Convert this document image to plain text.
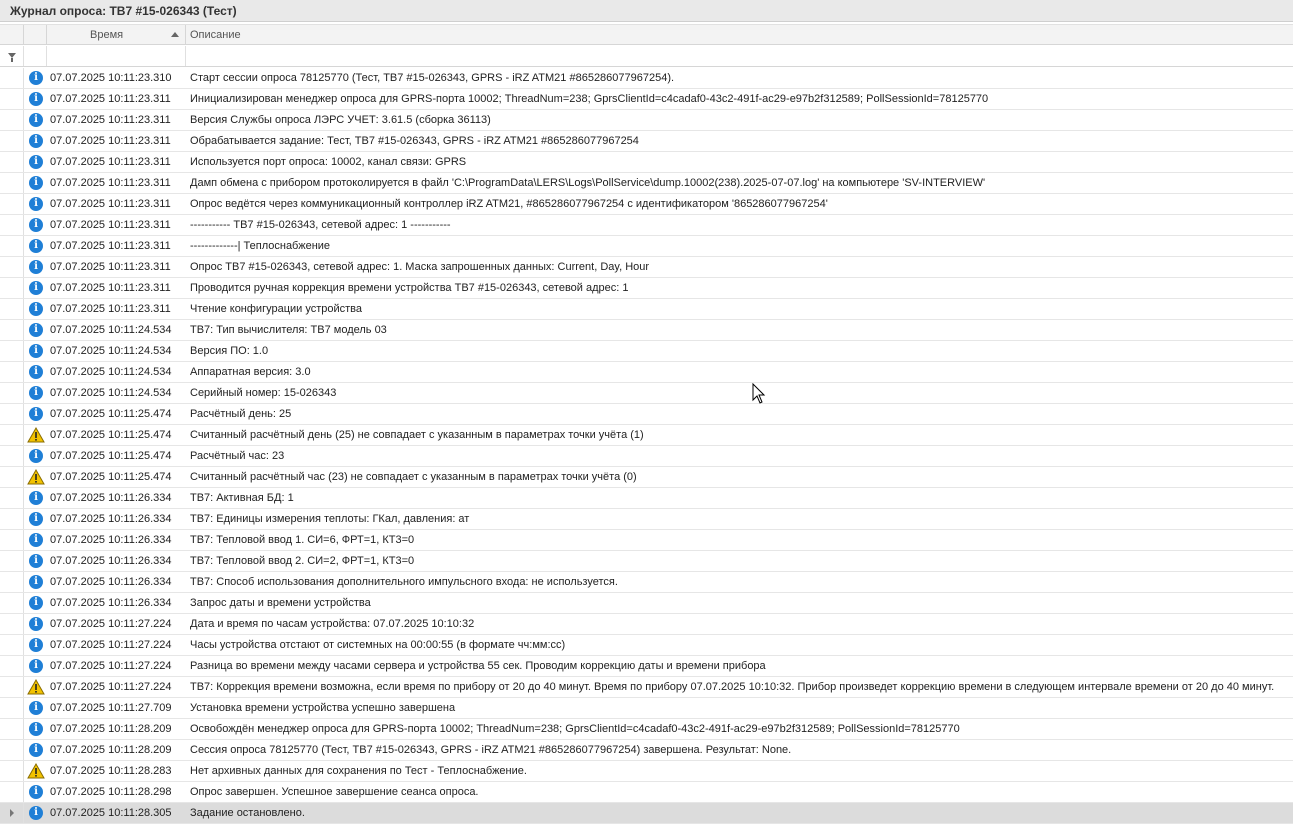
Журнал опроса: ТВ7 #15-026343 (Тест)
Время	Описание
i	07.07.2025 10:11:23.310 Старт сессии опроса 78125770 (Тест, ТВ7 #15-026343, GPRS - iRZ ATM21 #865286077967254).
i	07.07.2025 10:11:23.311 Инициализирован менеджер опроса для GPRS-порта 10002; ThreadNum=238; GprsClientId=c4cadaf0-43c2-491f-ac29-e97b2f312589; PollSessionId=78125770
i	07.07.2025 10:11:23.311 Версия Службы опроса ЛЭРС УЧЕТ: 3.61.5 (сборка 36113)
i	07.07.2025 10:11:23.311 Обрабатывается задание: Тест, ТВ7 #15-026343, GPRS - iRZ ATM21 #865286077967254
i	07.07.2025 10:11:23.311 Используется порт опроса: 10002, канал связи: GPRS
i	07.07.2025 10:11:23.311 Дамп обмена с прибором протоколируется в файл 'C:\ProgramData\LERS\Logs\PollService\dump.10002(238).2025-07-07.log' на компьютере 'SV-INTERVIEW'
i	07.07.2025 10:11:23.311 Опрос ведётся через коммуникационный контроллер iRZ ATM21, #865286077967254 с идентификатором '865286077967254'
i	07.07.2025 10:11:23.311 ----------- ТВ7 #15-026343, сетевой адрес: 1 -----------
i	07.07.2025 10:11:23.311 -------------| Теплоснабжение
i	07.07.2025 10:11:23.311 Опрос ТВ7 #15-026343, сетевой адрес: 1. Маска запрошенных данных: Current, Day, Hour
i	07.07.2025 10:11:23.311 Проводится ручная коррекция времени устройства ТВ7 #15-026343, сетевой адрес: 1
i	07.07.2025 10:11:23.311 Чтение конфигурации устройства
i	07.07.2025 10:11:24.534 ТВ7: Тип вычислителя: ТВ7 модель 03
i	07.07.2025 10:11:24.534 Версия ПО: 1.0
i	07.07.2025 10:11:24.534 Аппаратная версия: 3.0
i	07.07.2025 10:11:24.534 Серийный номер: 15-026343
i	07.07.2025 10:11:25.474 Расчётный день: 25
07.07.2025 10:11:25.474 Считанный расчётный день (25) не совпадает с указанным в параметрах точки учёта (1)
i	07.07.2025 10:11:25.474 Расчётный час: 23
07.07.2025 10:11:25.474 Считанный расчётный час (23) не совпадает с указанным в параметрах точки учёта (0)
i	07.07.2025 10:11:26.334 ТВ7: Активная БД: 1
i	07.07.2025 10:11:26.334 ТВ7: Единицы измерения теплоты: ГКал, давления: ат
i	07.07.2025 10:11:26.334 ТВ7: Тепловой ввод 1. СИ=6, ФРТ=1, КТ3=0
i	07.07.2025 10:11:26.334 ТВ7: Тепловой ввод 2. СИ=2, ФРТ=1, КТ3=0
i	07.07.2025 10:11:26.334 ТВ7: Способ использования дополнительного импульсного входа: не используется.
i	07.07.2025 10:11:26.334 Запрос даты и времени устройства
i	07.07.2025 10:11:27.224 Дата и время по часам устройства: 07.07.2025 10:10:32
i	07.07.2025 10:11:27.224 Часы устройства отстают от системных на 00:00:55 (в формате чч:мм:сс)
i	07.07.2025 10:11:27.224 Разница во времени между часами сервера и устройства 55 сек. Проводим коррекцию даты и времени прибора
07.07.2025 10:11:27.224 ТВ7: Коррекция времени возможна, если время по прибору от 20 до 40 минут. Время по прибору 07.07.2025 10:10:32. Прибор произведет коррекцию времени в следующем интервале времени от 20 до 40 минут.
i	07.07.2025 10:11:27.709 Установка времени устройства успешно завершена
i	07.07.2025 10:11:28.209 Освобождён менеджер опроса для GPRS-порта 10002; ThreadNum=238; GprsClientId=c4cadaf0-43c2-491f-ac29-e97b2f312589; PollSessionId=78125770
i	07.07.2025 10:11:28.209 Сессия опроса 78125770 (Тест, ТВ7 #15-026343, GPRS - iRZ ATM21 #865286077967254) завершена. Результат: None.
07.07.2025 10:11:28.283 Нет архивных данных для сохранения по Тест - Теплоснабжение.
i	07.07.2025 10:11:28.298 Опрос завершен. Успешное завершение сеанса опроса.
i	07.07.2025 10:11:28.305 Задание остановлено.
